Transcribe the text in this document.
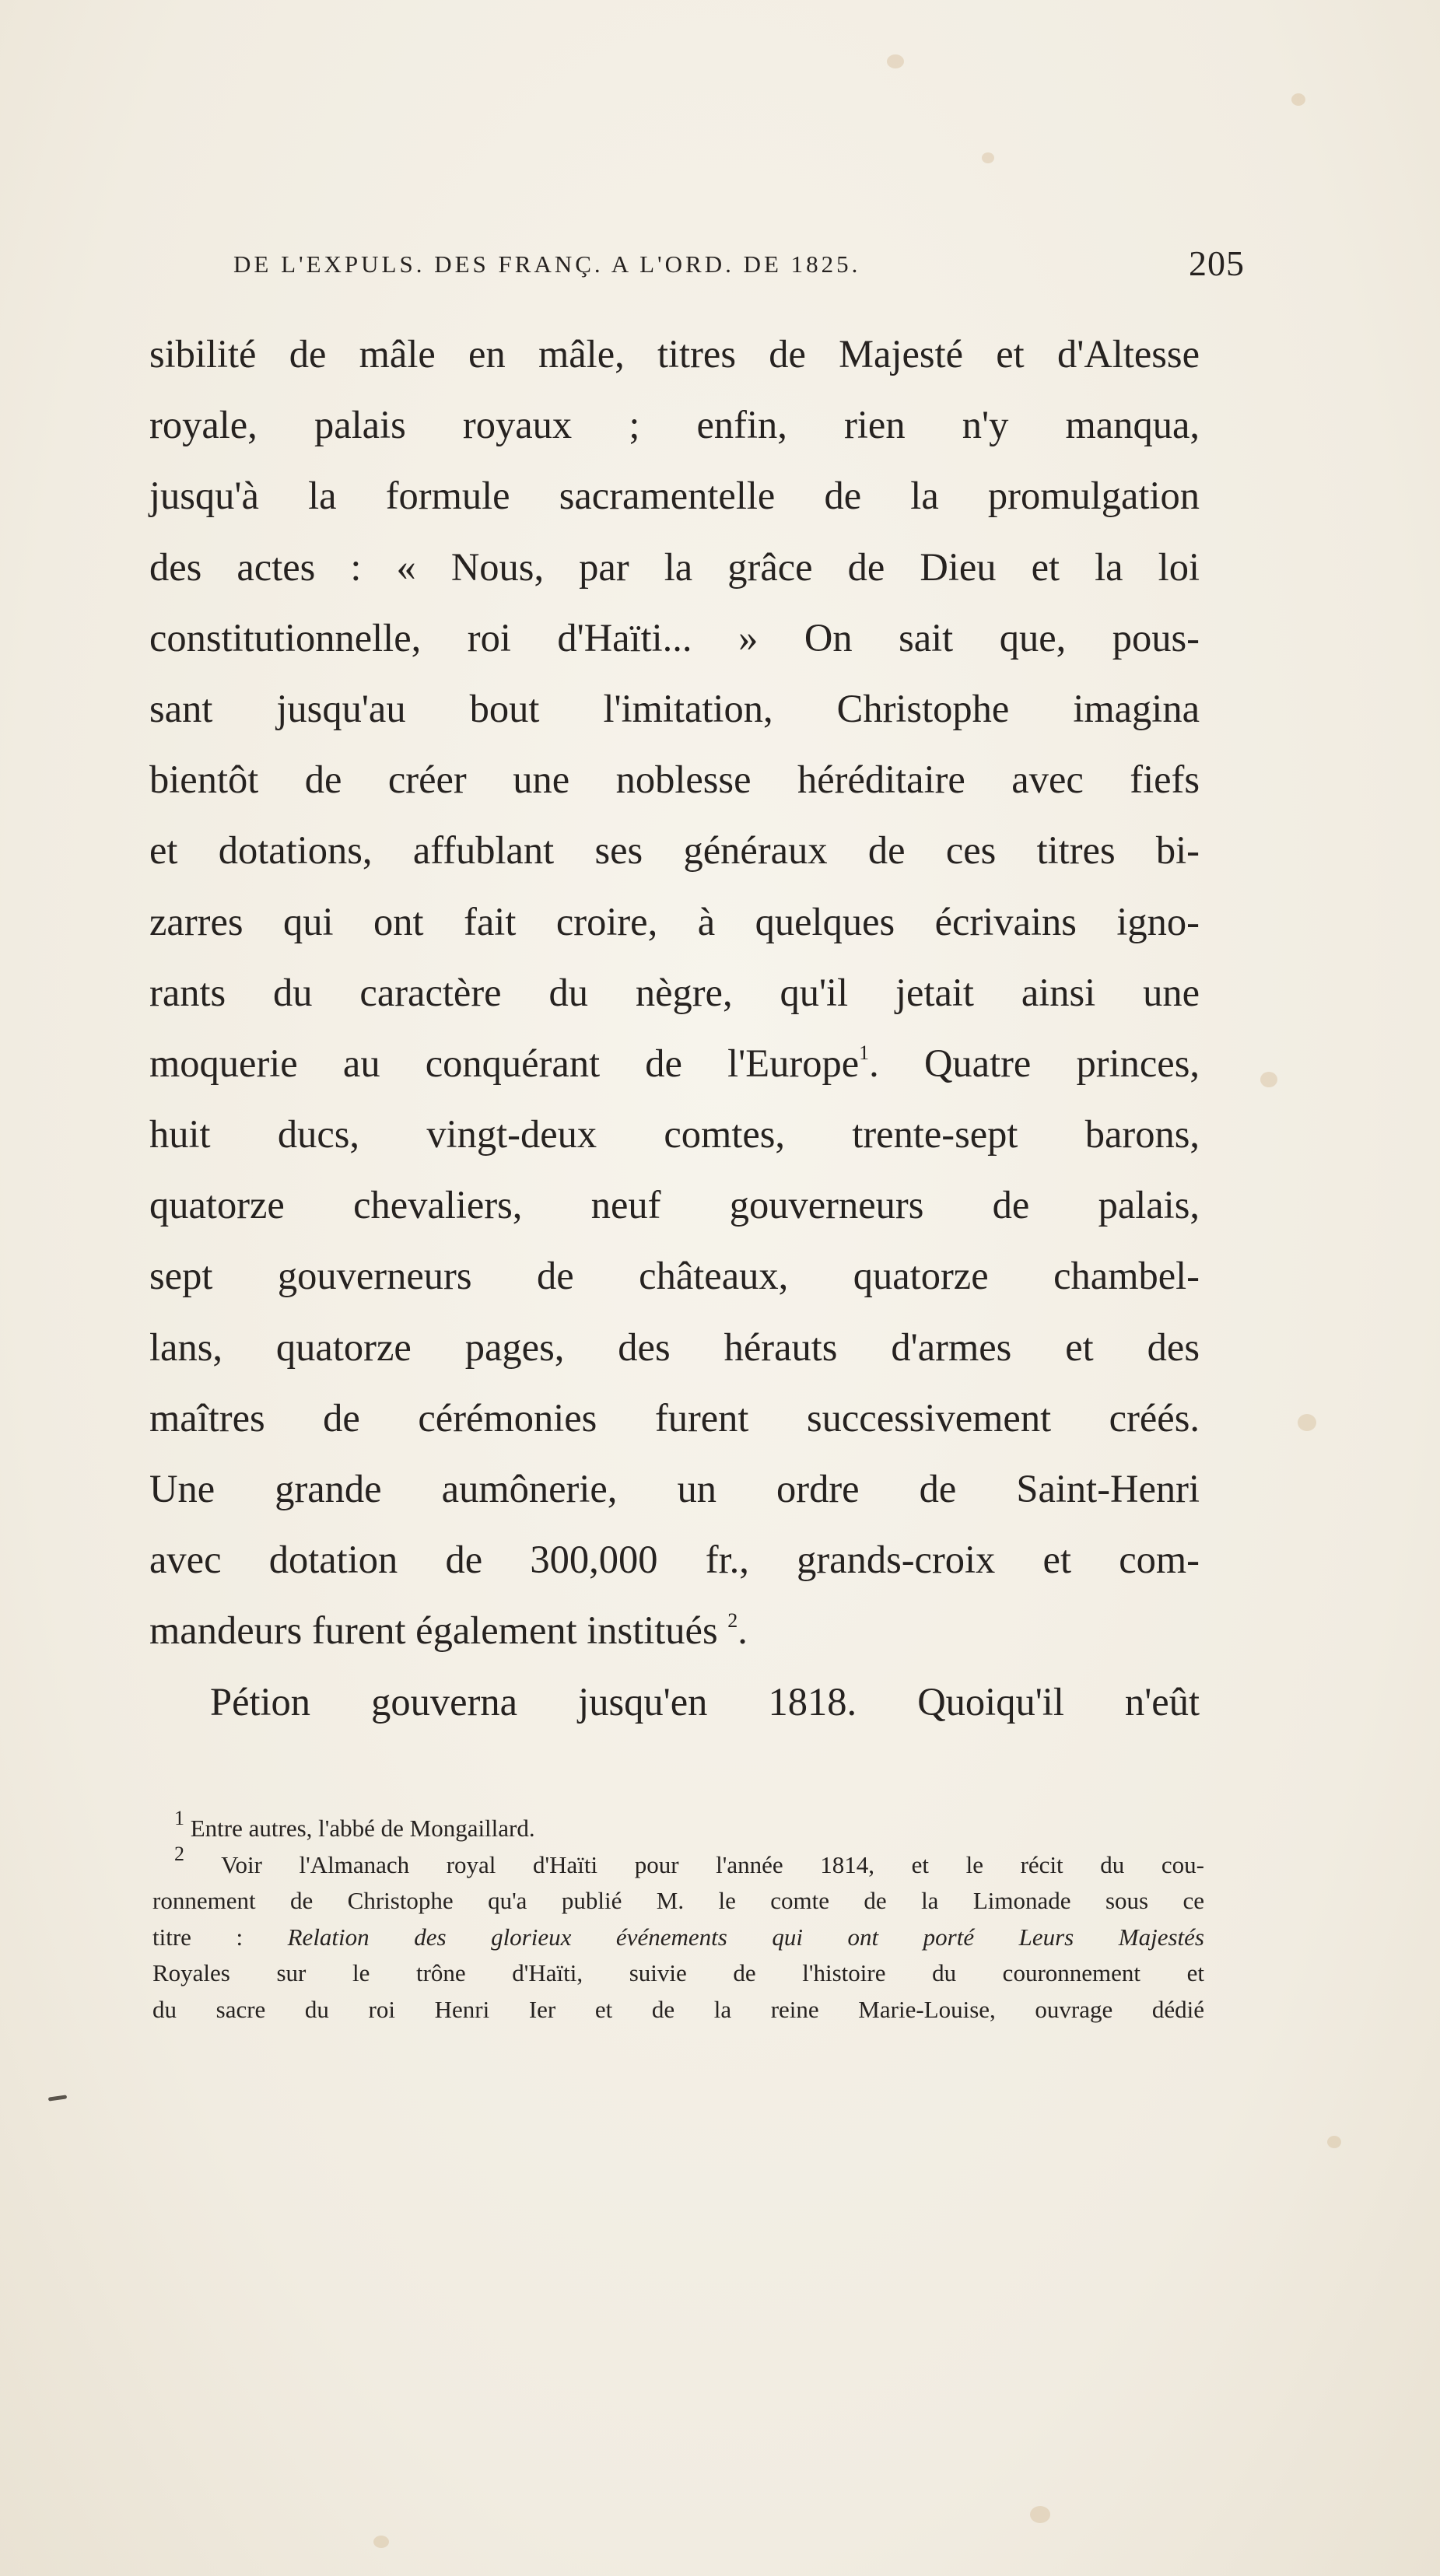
DE L'EXPULS. DES FRANÇ. A L'ORD. DE 1825.	205
sibilité de mâle en mâle, titres de Majesté et d'Altesse
royale, palais royaux ; enfin, rien n'y manqua,
jusqu'à la formule sacramentelle de la promulgation
des actes : « Nous, par la grâce de Dieu et la loi
constitutionnelle, roi d'Haïti... » On sait que, pous-
sant jusqu'au bout l'imitation, Christophe imagina
bientôt de créer une noblesse héréditaire avec fiefs
et dotations, affublant ses généraux de ces titres bi-
zarres qui ont fait croire, à quelques écrivains igno-
rants du caractère du nègre, qu'il jetait ainsi une
moquerie au conquérant de l'Europe$^1$. Quatre princes,
huit ducs, vingt-deux comtes, trente-sept barons,
quatorze chevaliers, neuf gouverneurs de palais,
sept gouverneurs de châteaux, quatorze chambel-
lans, quatorze pages, des hérauts d'armes et des
maîtres de cérémonies furent successivement créés.
Une grande aumônerie, un ordre de Saint-Henri
avec dotation de 300,000 fr., grands-croix et com-
mandeurs furent également institués $^2$.
Pétion gouverna jusqu'en 1818. Quoiqu'il n'eût
$^1$ Entre autres, l'abbé de Mongaillard.
$^2$ Voir l'Almanach royal d'Haïti pour l'année 1814, et le récit du cou-
ronnement de Christophe qu'a publié M. le comte de la Limonade sous ce
titre : Relation des glorieux événements qui ont porté Leurs Majestés
Royales sur le trône d'Haïti, suivie de l'histoire du couronnement et
du sacre du roi Henri Ier et de la reine Marie-Louise, ouvrage dédié
